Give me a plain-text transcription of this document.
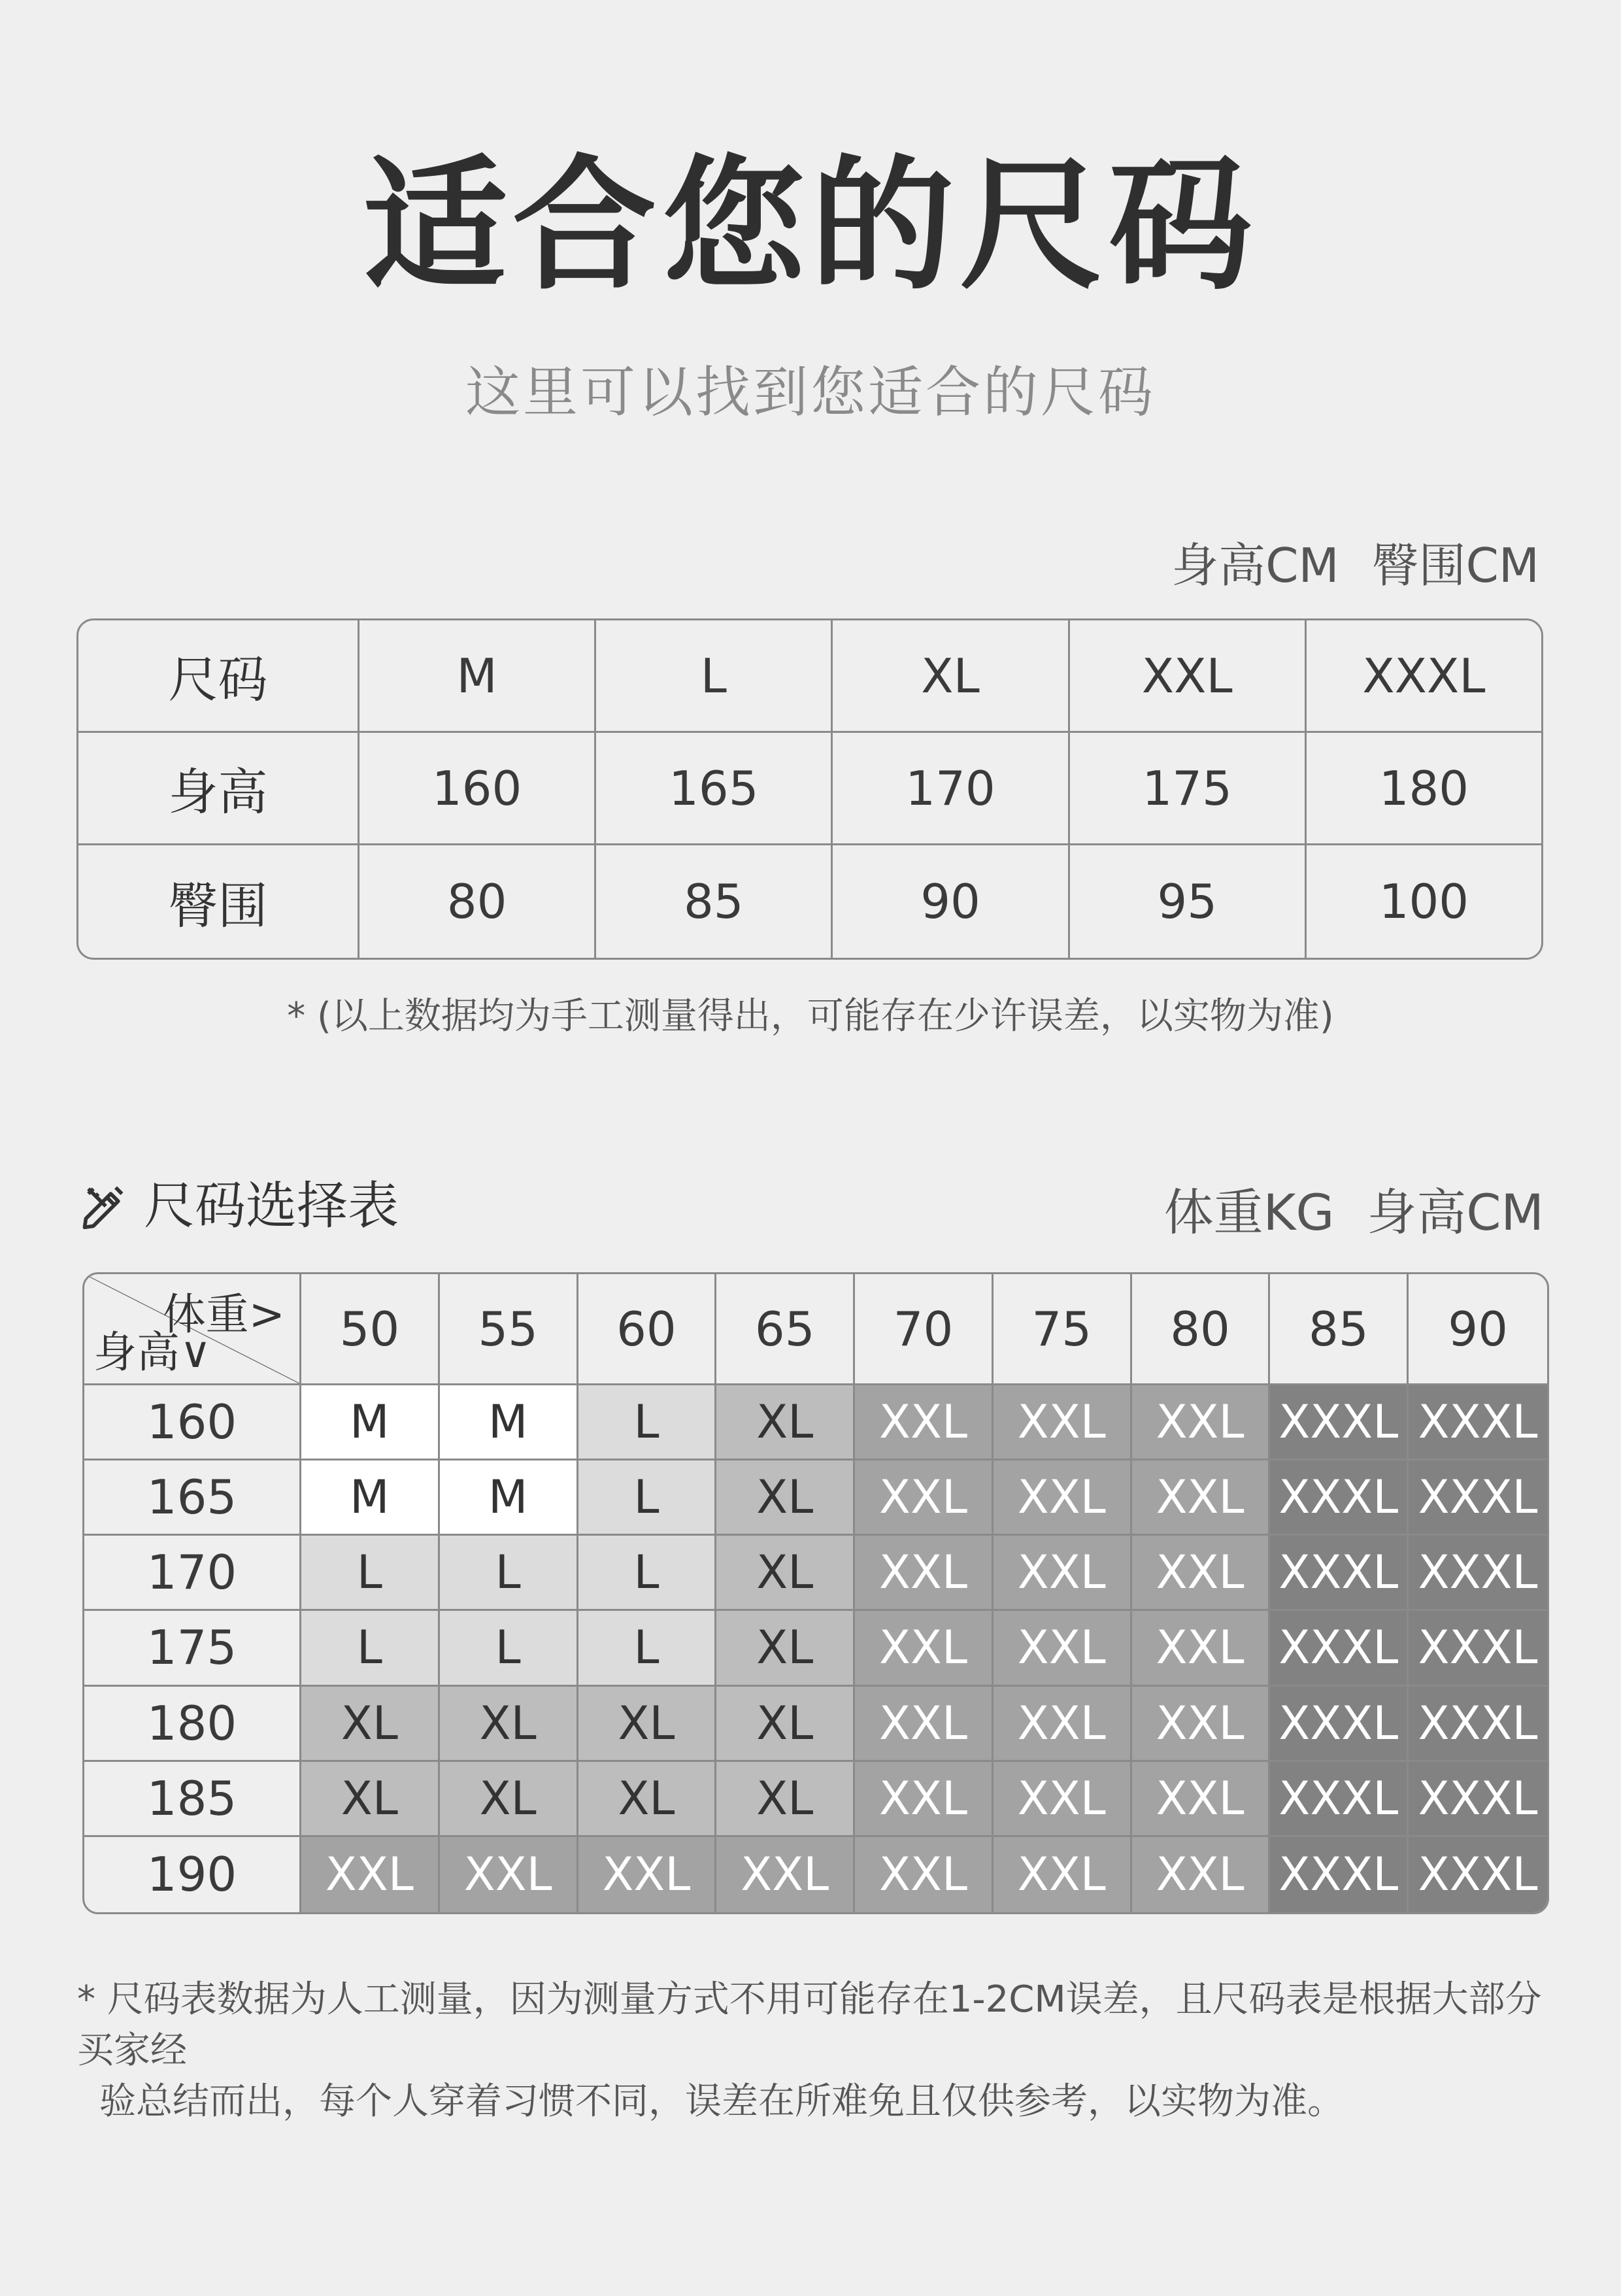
适合您的尺码
这里可以找到您适合的尺码
身高CM 臀围CM
尺码	M	L	XL	XXL	XXXL
身高	160	165	170	175	180
臀围	80	85	90	95	100
* (以上数据均为手工测量得出，可能存在少许误差，以实物为准)
尺码选择表	体重KG 身高CM
体重>
身高∨	50	55	60	65	70	75	80	85	90
160	M	M	L	XL	XXL	XXL	XXL XXXL XXXL
165	M	M	L	XL	XXL	XXL	XXL XXXL XXXL
170	L	L	L	XL	XXL	XXL	XXL XXXL XXXL
175	L	L	L	XL	XXL	XXL	XXL XXXL XXXL
180	XL	XL	XL	XL	XXL	XXL	XXL XXXL XXXL
185	XL	XL	XL	XL	XXL	XXL	XXL XXXL XXXL
190	XXL	XXL	XXL	XXL	XXL	XXL	XXL XXXL XXXL
* 尺码表数据为人工测量，因为测量方式不用可能存在1-2CM误差，且尺码表是根据大部分买家经
验总结而出，每个人穿着习惯不同，误差在所难免且仅供参考，以实物为准。
